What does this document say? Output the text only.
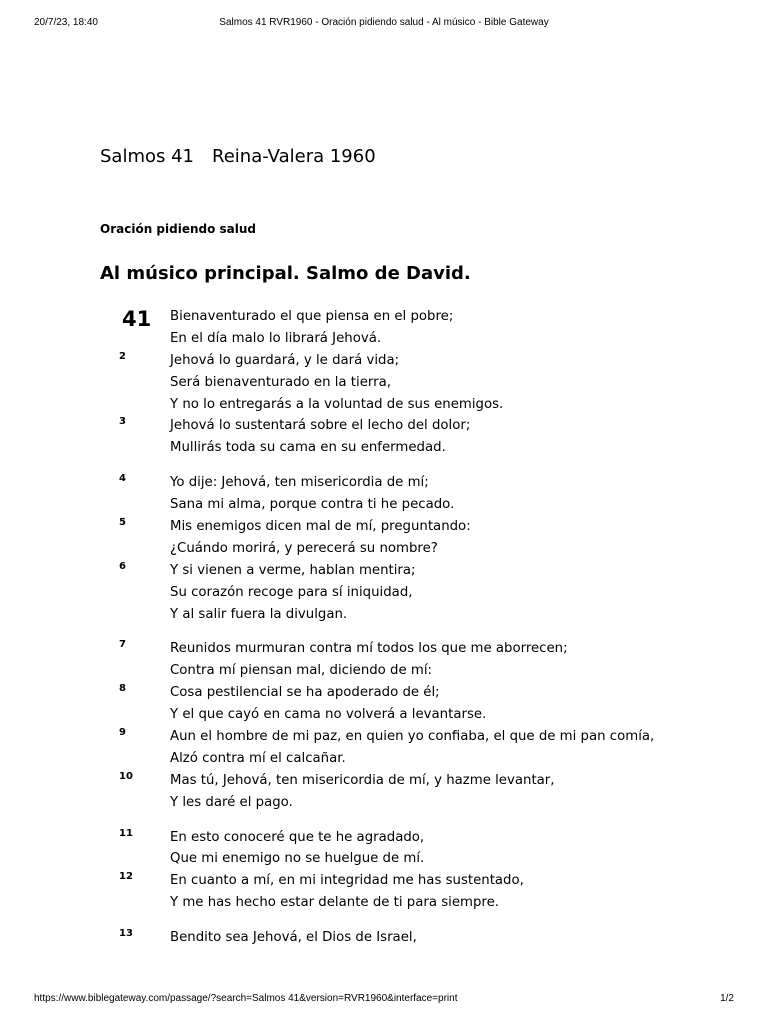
20/7/23, 18:40	Salmos 41 RVR1960 - Oración pidiendo salud - Al músico - Bible Gateway
Salmos 41 Reina-Valera 1960
Oración pidiendo salud
Al músico principal. Salmo de David.
41	Bienaventurado el que piensa en el pobre;
En el día malo lo librará Jehová.
2	Jehová lo guardará, y le dará vida;
Será bienaventurado en la tierra,
Y no lo entregarás a la voluntad de sus enemigos.
3	Jehová lo sustentará sobre el lecho del dolor;
Mullirás toda su cama en su enfermedad.
4	Yo dije: Jehová, ten misericordia de mí;
Sana mi alma, porque contra ti he pecado.
5	Mis enemigos dicen mal de mí, preguntando:
¿Cuándo morirá, y perecerá su nombre?
6	Y si vienen a verme, hablan mentira;
Su corazón recoge para sí iniquidad,
Y al salir fuera la divulgan.
7	Reunidos murmuran contra mí todos los que me aborrecen;
Contra mí piensan mal, diciendo de mí:
8	Cosa pestilencial se ha apoderado de él;
Y el que cayó en cama no volverá a levantarse.
9	Aun el hombre de mi paz, en quien yo confiaba, el que de mi pan comía,
Alzó contra mí el calcañar.
10	Mas tú, Jehová, ten misericordia de mí, y hazme levantar,
Y les daré el pago.
11	En esto conoceré que te he agradado,
Que mi enemigo no se huelgue de mí.
12	En cuanto a mí, en mi integridad me has sustentado,
Y me has hecho estar delante de ti para siempre.
13	Bendito sea Jehová, el Dios de Israel,
https://www.biblegateway.com/passage/?search=Salmos 41&version=RVR1960&interface=print	1/2
